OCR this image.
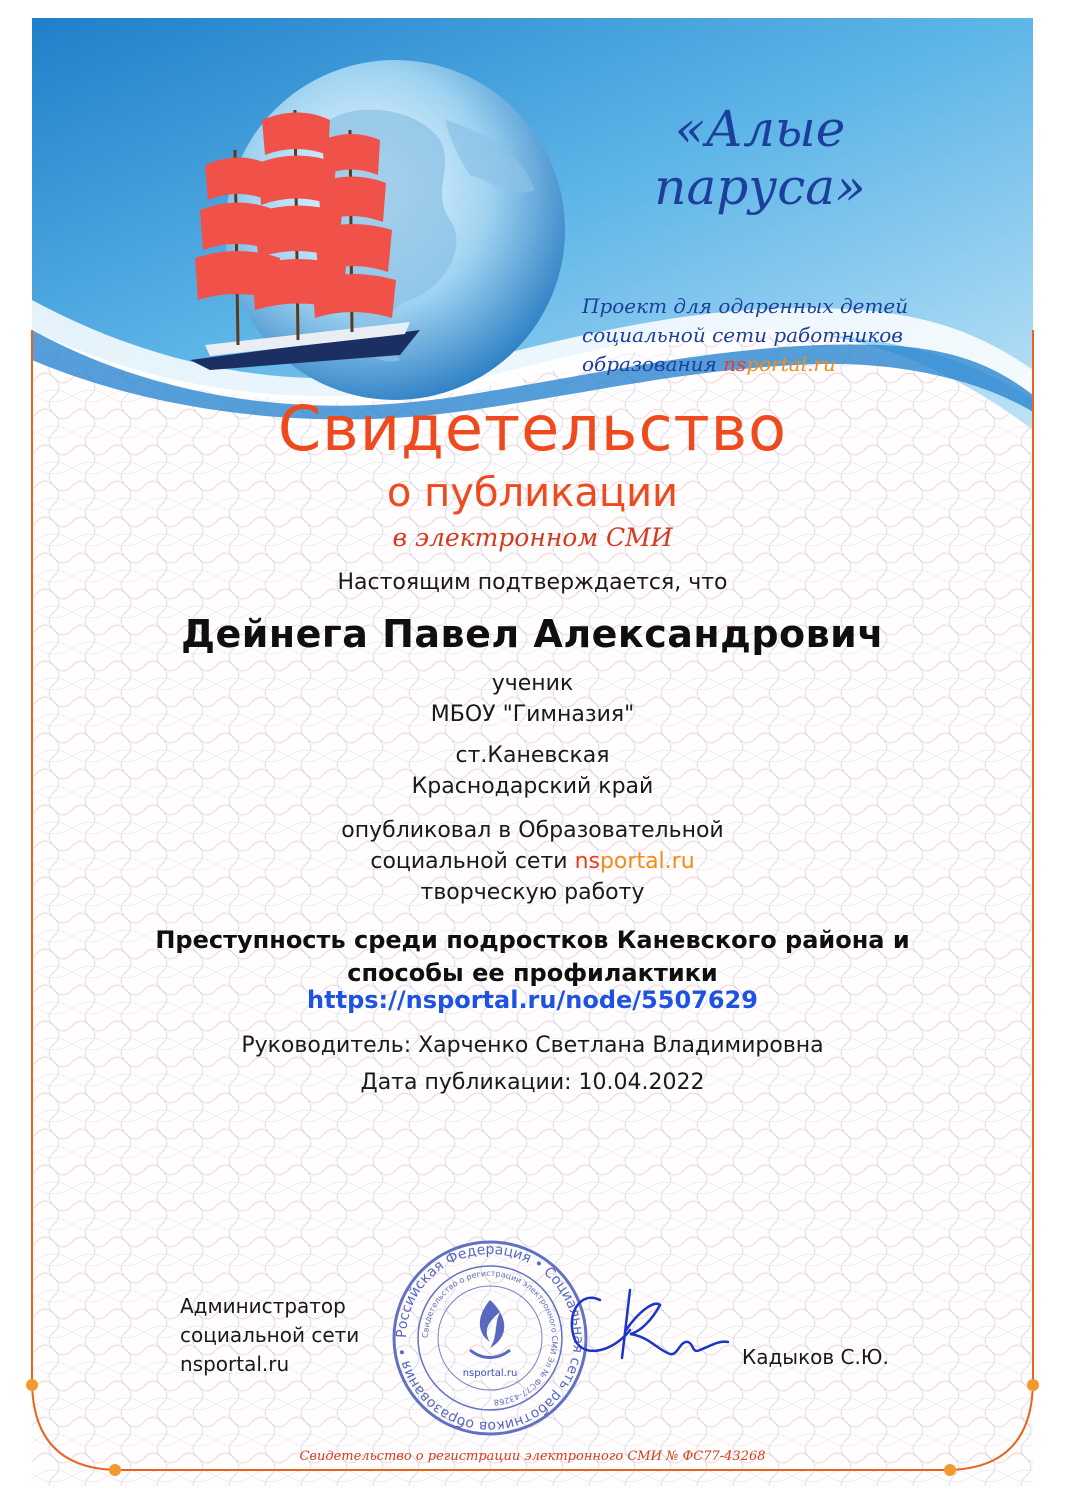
«Алые паруса»
Проект для одаренных детей
социальной сети работников
образования nsportal.ru
Свидетельство
о публикации
в электронном СМИ
Настоящим подтверждается, что
Дейнега Павел Александрович
ученик
МБОУ "Гимназия"
ст.Каневская
Краснодарский край
опубликовал в Образовательной
социальной сети nsportal.ru
творческую работу
Преступность среди подростков Каневского района и
способы ее профилактики
https://nsportal.ru/node/5507629
Руководитель: Харченко Светлана Владимировна
Дата публикации: 10.04.2022
Администратор
социальной сети
nsportal.ru
Российская Федерация • Социальная сеть работников образования •
Свидетельство о регистрации электронного СМИ Эл № ФС77-43268
nsportal.ru
Кадыков С.Ю.
Свидетельство о регистрации электронного СМИ № ФС77-43268
